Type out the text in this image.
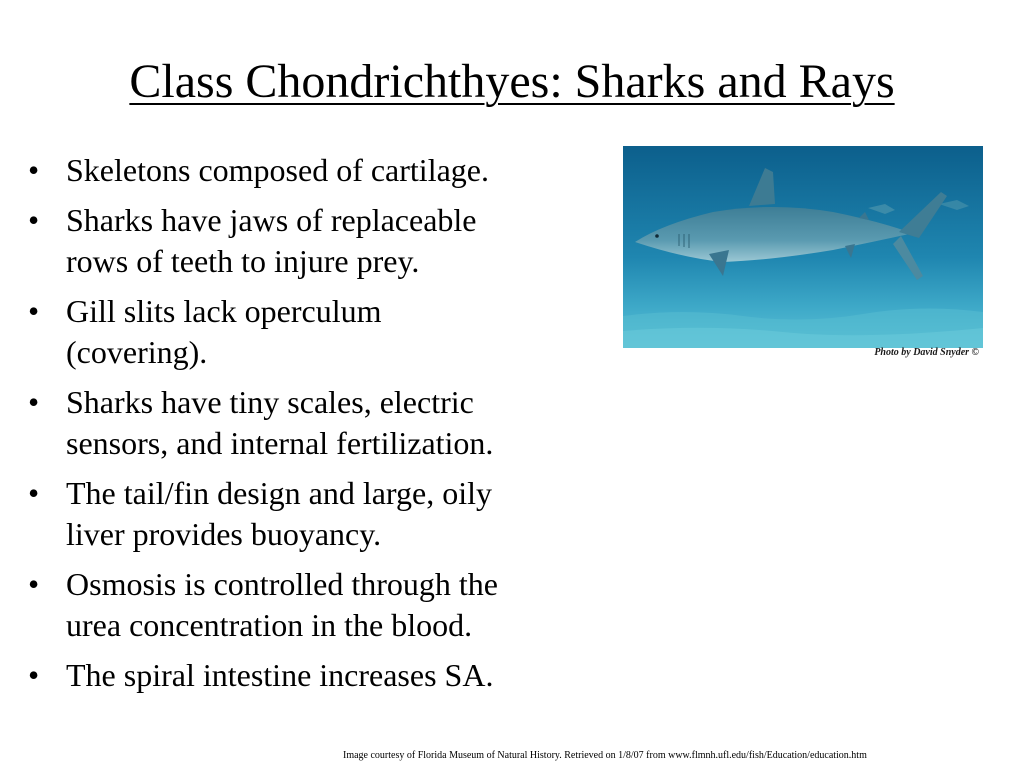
Class Chondrichthyes: Sharks and Rays
• Skeletons composed of cartilage.
• Sharks have jaws of replaceable
rows of teeth to injure prey.
• Gill slits lack operculum
(covering).
• Sharks have tiny scales, electric
sensors, and internal fertilization.
• The tail/fin design and large, oily
liver provides buoyancy.
• Osmosis is controlled through the
urea concentration in the blood.
• The spiral intestine increases SA.
Photo by David Snyder ©
Image courtesy of Florida Museum of Natural History. Retrieved on 1/8/07 from www.flmnh.ufl.edu/fish/Education/education.htm
